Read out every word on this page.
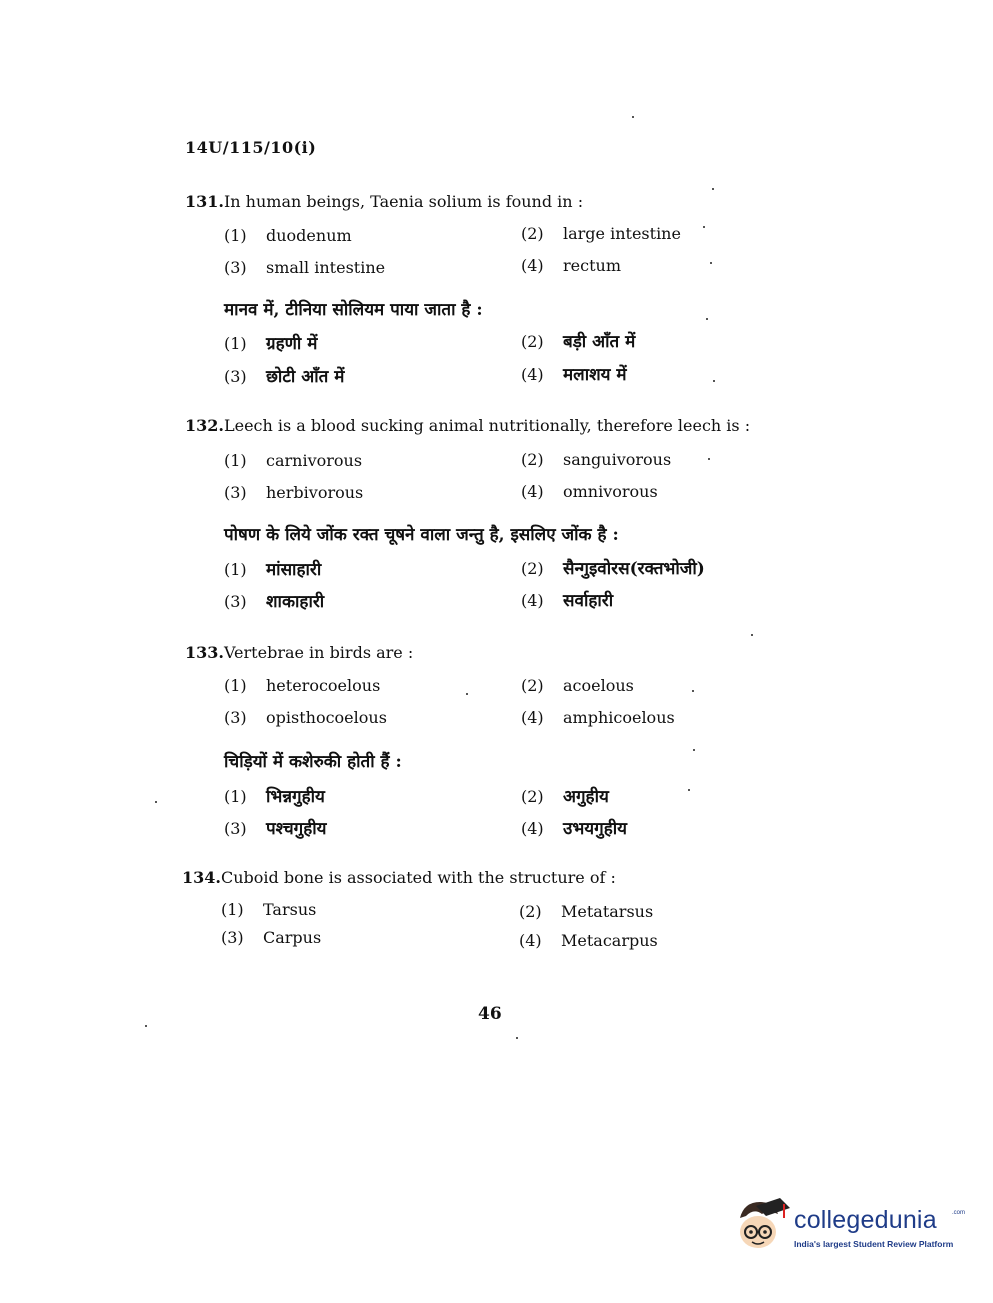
14U/115/10(i)
131.In human beings, Taenia solium is found in :
(1) duodenum	(2) large intestine
(3) small intestine	(4) rectum
मानव में, टीनिया सोलियम पाया जाता है :
(1) ग्रहणी में	(2) बड़ी आँत में
(3) छोटी आँत में	(4) मलाशय में
132.Leech is a blood sucking animal nutritionally, therefore leech is :
(1) carnivorous	(2) sanguivorous
(3) herbivorous	(4) omnivorous
पोषण के लिये जोंक रक्त चूषने वाला जन्तु है, इसलिए जोंक है :
(1) मांसाहारी	(2) सैन्गुइवोरस(रक्तभोजी)
(3) शाकाहारी	(4) सर्वाहारी
133.Vertebrae in birds are :
(1) heterocoelous	(2) acoelous
(3) opisthocoelous	(4) amphicoelous
चिड़ियों में कशेरुकी होती हैं :
(1) भिन्नगुहीय	(2) अगुहीय
(3) पश्चगुहीय	(4) उभयगुहीय
134.Cuboid bone is associated with the structure of :
(1) Tarsus	(2) Metatarsus
(3) Carpus	(4) Metacarpus
46
collegedunia	.com
India's largest Student Review Platform
